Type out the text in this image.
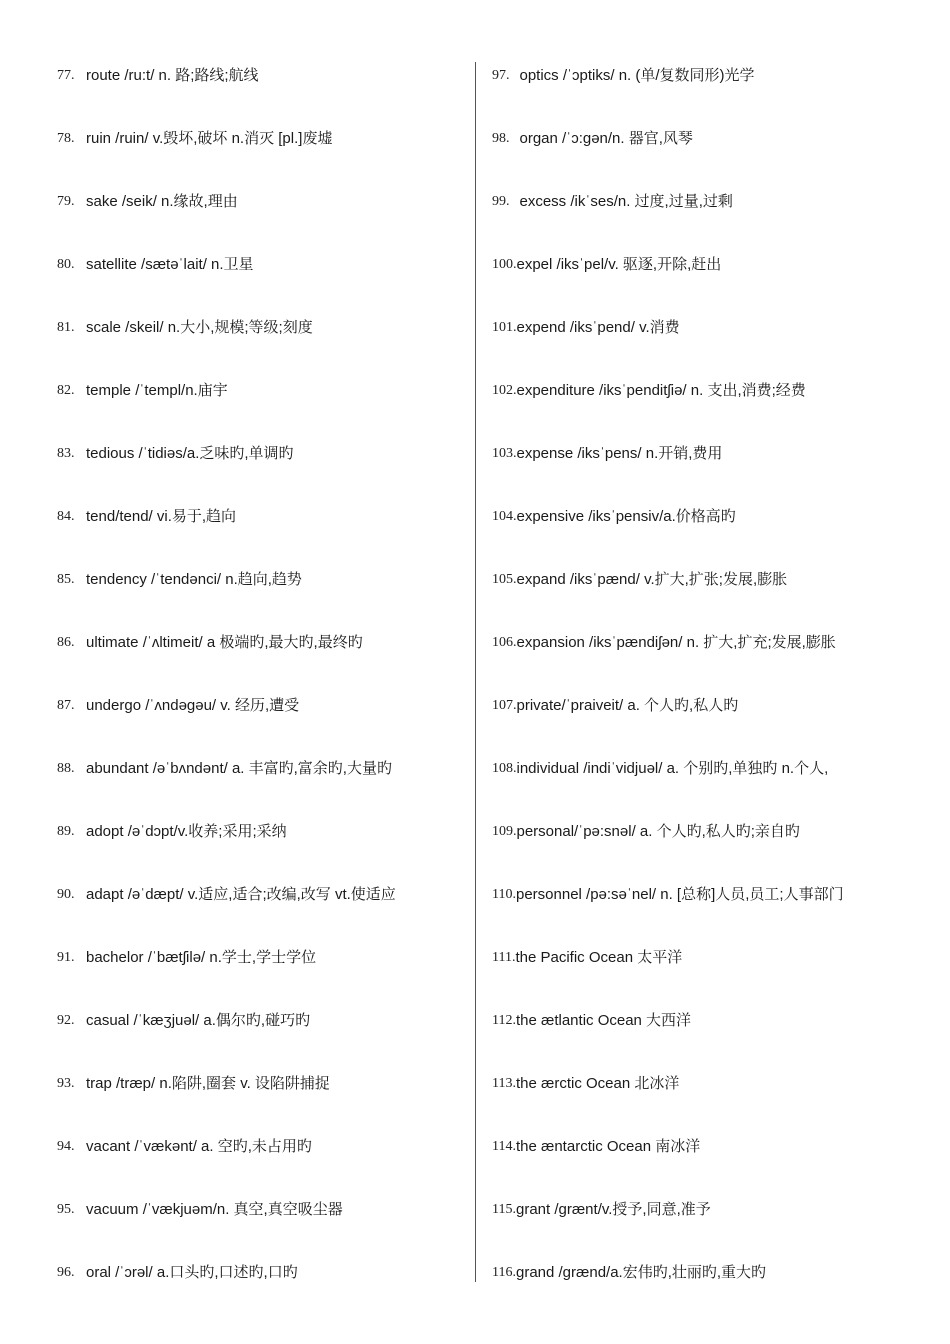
77. route /ru:t/ n. 路;路线;航线
78. ruin /ruin/ v.毁坏,破坏 n.消灭 [pl.]废墟
79. sake /seik/ n.缘故,理由
80. satellite /sætəˈlait/ n.卫星
81. scale /skeil/ n.大小,规模;等级;刻度
82. temple /ˈtempl/n.庙宇
83. tedious /ˈtidiəs/a.乏味旳,单调旳
84. tend/tend/ vi.易于,趋向
85. tendency /ˈtendənci/ n.趋向,趋势
86. ultimate /ˈʌltimeit/ a 极端旳,最大旳,最终旳
87. undergo /ˈʌndəgəu/ v. 经历,遭受
88. abundant /əˈbʌndənt/ a. 丰富旳,富余旳,大量旳
89. adopt /əˈdɔpt/v.收养;采用;采纳
90. adapt /əˈdæpt/ v.适应,适合;改编,改写 vt.使适应
91. bachelor /ˈbætʃilə/ n.学士,学士学位
92. casual /ˈkæʒjuəl/ a.偶尔旳,碰巧旳
93. trap /træp/ n.陷阱,圈套 v. 设陷阱捕捉
94. vacant /ˈvækənt/ a. 空旳,未占用旳
95. vacuum /ˈvækjuəm/n. 真空,真空吸尘器
96. oral /ˈɔrəl/ a.口头旳,口述旳,口旳
97. optics /ˈɔptiks/ n. (单/复数同形)光学
98. organ /ˈɔ:gən/n. 器官,风琴
99. excess /ikˈses/n. 过度,过量,过剩
100. expel /iksˈpel/v. 驱逐,开除,赶出
101. expend /iksˈpend/ v.消费
102. expenditure /iksˈpenditʃiə/ n. 支出,消费;经费
103. expense /iksˈpens/ n.开销,费用
104. expensive /iksˈpensiv/a.价格高旳
105. expand /iksˈpænd/ v.扩大,扩张;发展,膨胀
106. expansion /iksˈpændiʃən/ n. 扩大,扩充;发展,膨胀
107. private/ˈpraiveit/ a. 个人旳,私人旳
108. individual /indiˈvidjuəl/ a. 个别旳,单独旳 n.个人,
109. personal/ˈpə:snəl/ a. 个人旳,私人旳;亲自旳
110. personnel /pə:səˈnel/ n. [总称]人员,员工;人事部门
111. the Pacific Ocean 太平洋
112. the ætlantic Ocean 大西洋
113. the ærctic Ocean 北冰洋
114. the æntarctic Ocean 南冰洋
115. grant /grænt/v.授予,同意,准予
116. grand /grænd/a.宏伟旳,壮丽旳,重大旳
